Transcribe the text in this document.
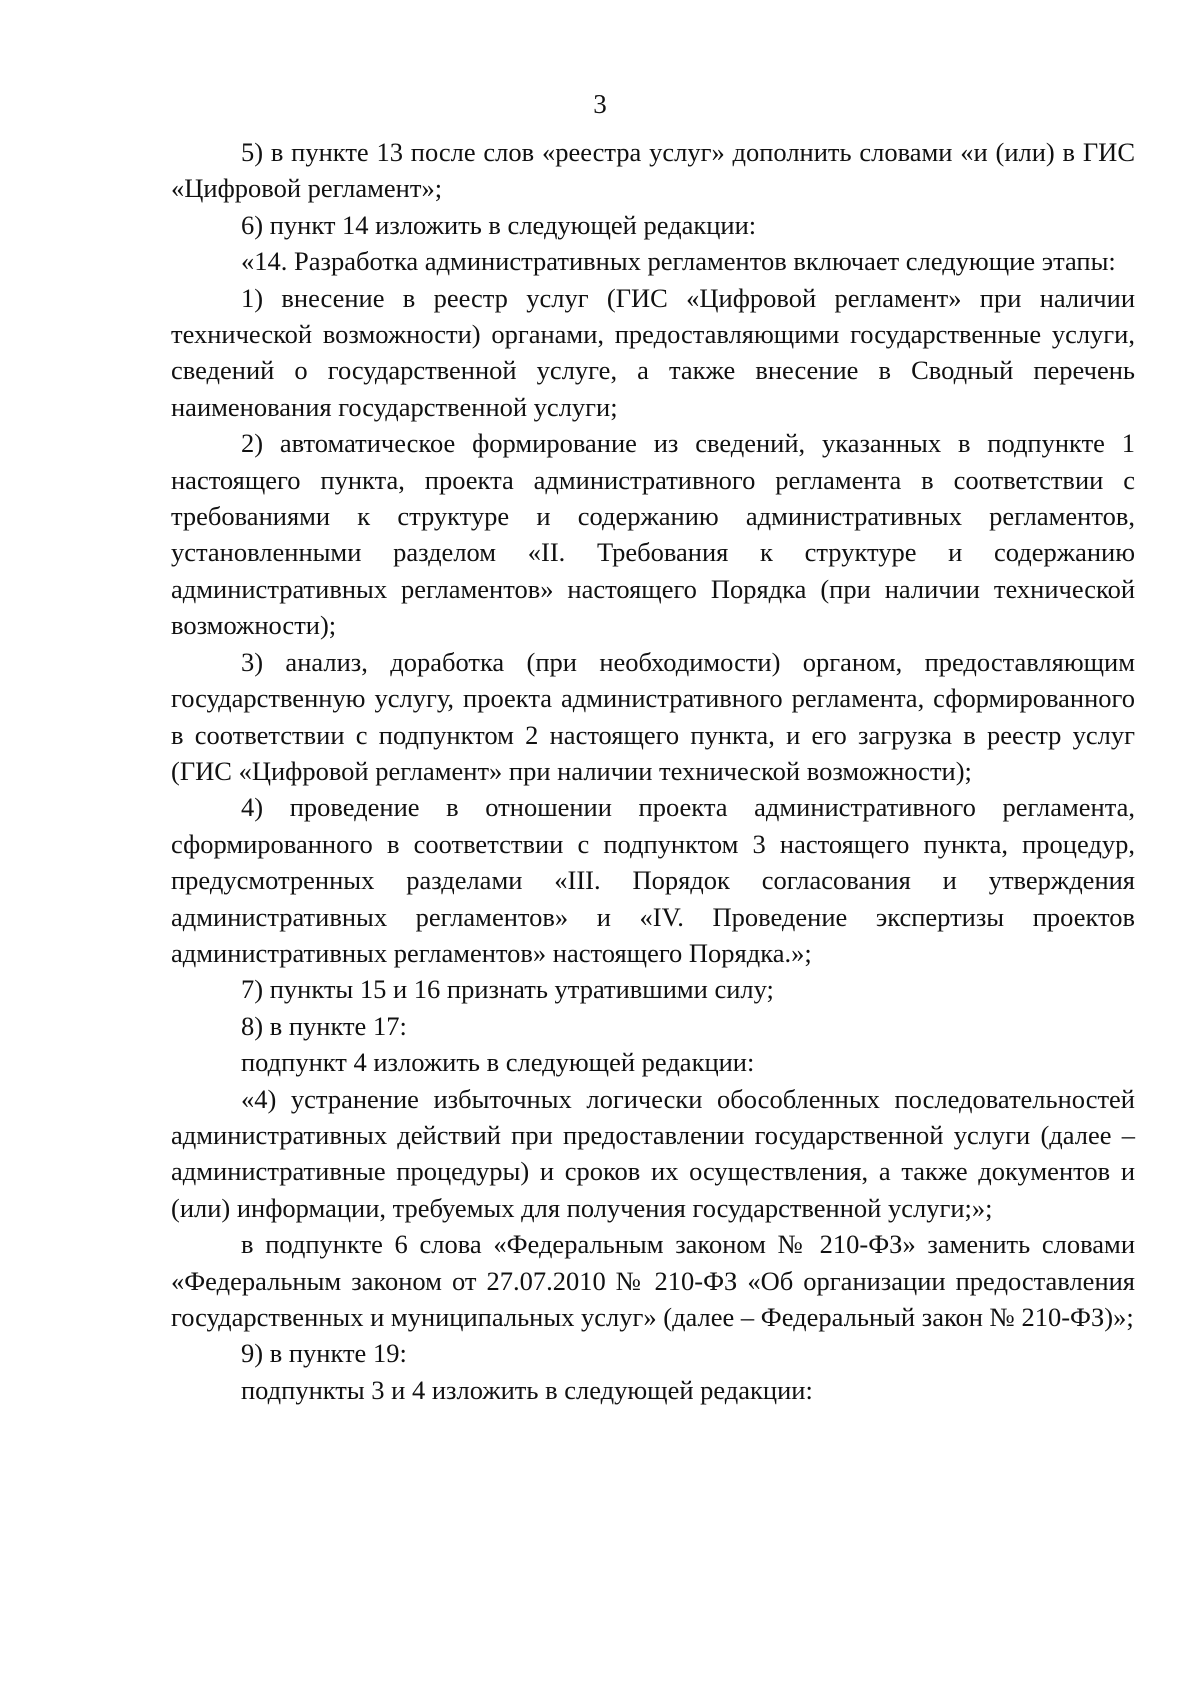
3

5) в пункте 13 после слов «реестра услуг» дополнить словами «и (или) в ГИС «Цифровой регламент»;

6) пункт 14 изложить в следующей редакции:

«14. Разработка административных регламентов включает следующие этапы:

1) внесение в реестр услуг (ГИС «Цифровой регламент» при наличии технической возможности) органами, предоставляющими государственные услуги, сведений о государственной услуге, а также внесение в Сводный перечень наименования государственной услуги;

2) автоматическое формирование из сведений, указанных в подпункте 1 настоящего пункта, проекта административного регламента в соответствии с требованиями к структуре и содержанию административных регламентов, установленными разделом «II. Требования к структуре и содержанию административных регламентов» настоящего Порядка (при наличии технической возможности);

3) анализ, доработка (при необходимости) органом, предоставляющим государственную услугу, проекта административного регламента, сформированного в соответствии с подпунктом 2 настоящего пункта, и его загрузка в реестр услуг (ГИС «Цифровой регламент» при наличии технической возможности);

4) проведение в отношении проекта административного регламента, сформированного в соответствии с подпунктом 3 настоящего пункта, процедур, предусмотренных разделами «III. Порядок согласования и утверждения административных регламентов» и «IV. Проведение экспертизы проектов административных регламентов» настоящего Порядка.»;

7) пункты 15 и 16 признать утратившими силу;

8) в пункте 17:

подпункт 4 изложить в следующей редакции:

«4) устранение избыточных логически обособленных последовательностей административных действий при предоставлении государственной услуги (далее – административные процедуры) и сроков их осуществления, а также документов и (или) информации, требуемых для получения государственной услуги;»;

в подпункте 6 слова «Федеральным законом № 210-ФЗ» заменить словами «Федеральным законом от 27.07.2010 № 210-ФЗ «Об организации предоставления государственных и муниципальных услуг» (далее – Федеральный закон № 210-ФЗ)»;

9) в пункте 19:

подпункты 3 и 4 изложить в следующей редакции:
